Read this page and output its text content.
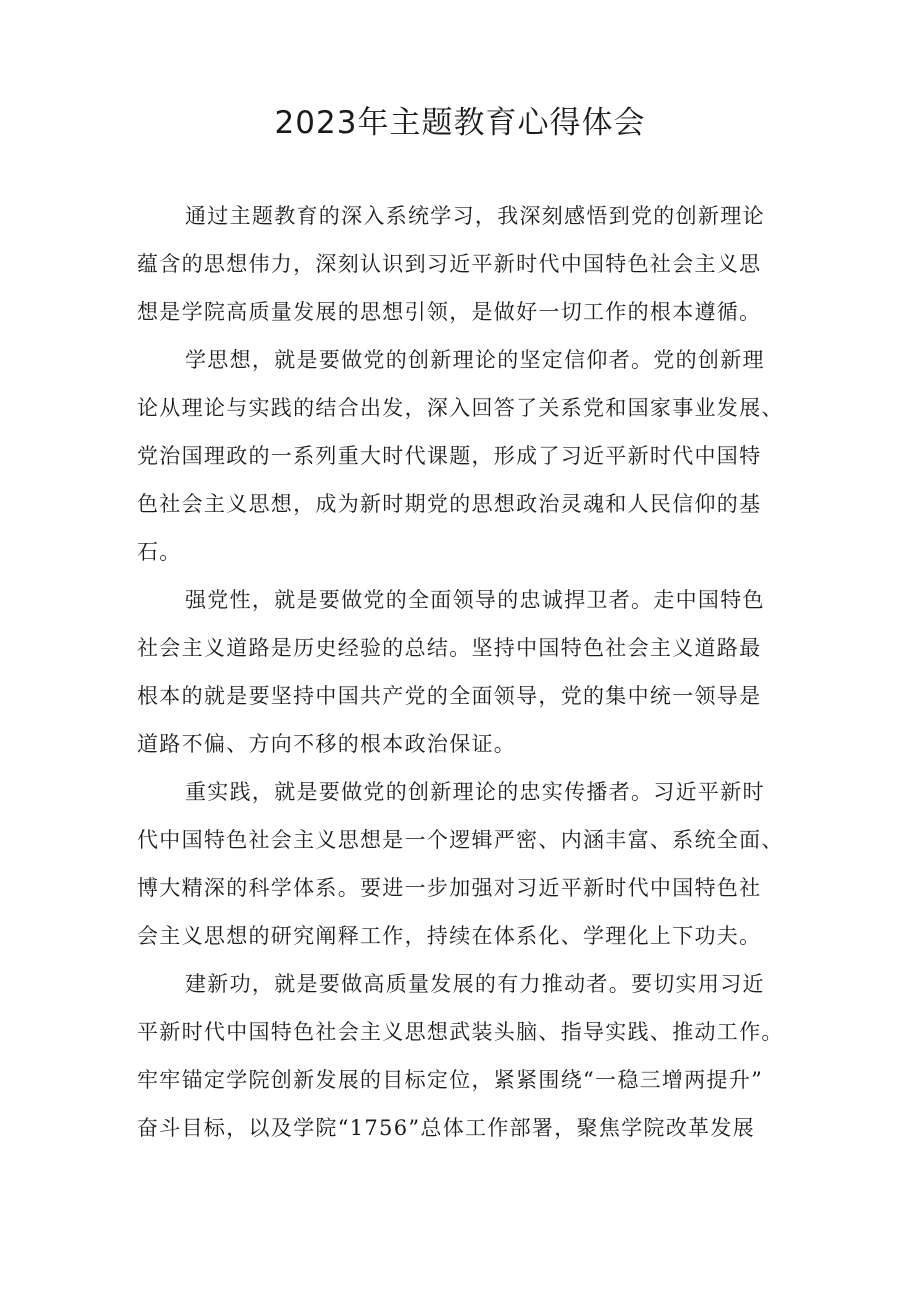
2023年主题教育心得体会
通过主题教育的深入系统学习，我深刻感悟到党的创新理论
蕴含的思想伟力，深刻认识到习近平新时代中国特色社会主义思
想是学院高质量发展的思想引领，是做好一切工作的根本遵循。
学思想，就是要做党的创新理论的坚定信仰者。党的创新理
论从理论与实践的结合出发，深入回答了关系党和国家事业发展、
党治国理政的一系列重大时代课题，形成了习近平新时代中国特
色社会主义思想，成为新时期党的思想政治灵魂和人民信仰的基
石。
强党性，就是要做党的全面领导的忠诚捍卫者。走中国特色
社会主义道路是历史经验的总结。坚持中国特色社会主义道路最
根本的就是要坚持中国共产党的全面领导，党的集中统一领导是
道路不偏、方向不移的根本政治保证。
重实践，就是要做党的创新理论的忠实传播者。习近平新时
代中国特色社会主义思想是一个逻辑严密、内涵丰富、系统全面、
博大精深的科学体系。要进一步加强对习近平新时代中国特色社
会主义思想的研究阐释工作，持续在体系化、学理化上下功夫。
建新功，就是要做高质量发展的有力推动者。要切实用习近
平新时代中国特色社会主义思想武装头脑、指导实践、推动工作。
牢牢锚定学院创新发展的目标定位，紧紧围绕“一稳三增两提升”
奋斗目标，以及学院“1756”总体工作部署，聚焦学院改革发展
